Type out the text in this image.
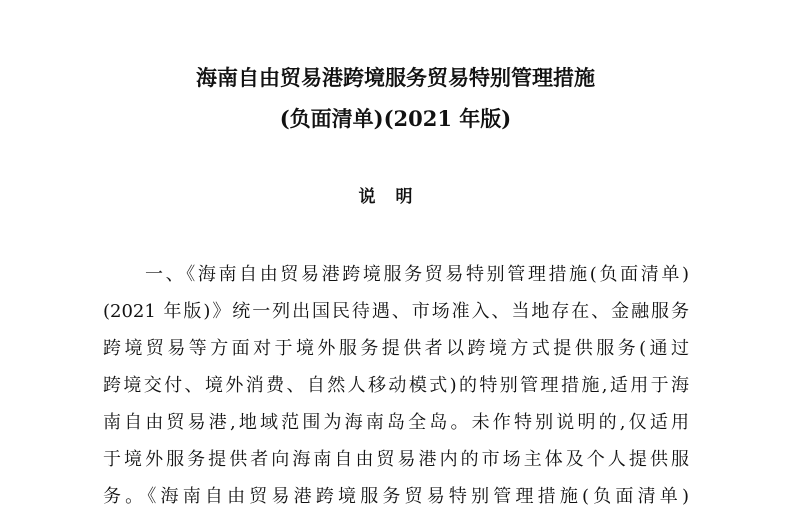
海南自由贸易港跨境服务贸易特别管理措施
(负面清单)(2021 年版)
说明
一、《海南自由贸易港跨境服务贸易特别管理措施(负面清单)
(2021 年版)》统一列出国民待遇、市场准入、当地存在、金融服务
跨境贸易等方面对于境外服务提供者以跨境方式提供服务(通过
跨境交付、境外消费、自然人移动模式)的特别管理措施,适用于海
南自由贸易港,地域范围为海南岛全岛。未作特别说明的,仅适用
于境外服务提供者向海南自由贸易港内的市场主体及个人提供服
务。《海南自由贸易港跨境服务贸易特别管理措施(负面清单)
